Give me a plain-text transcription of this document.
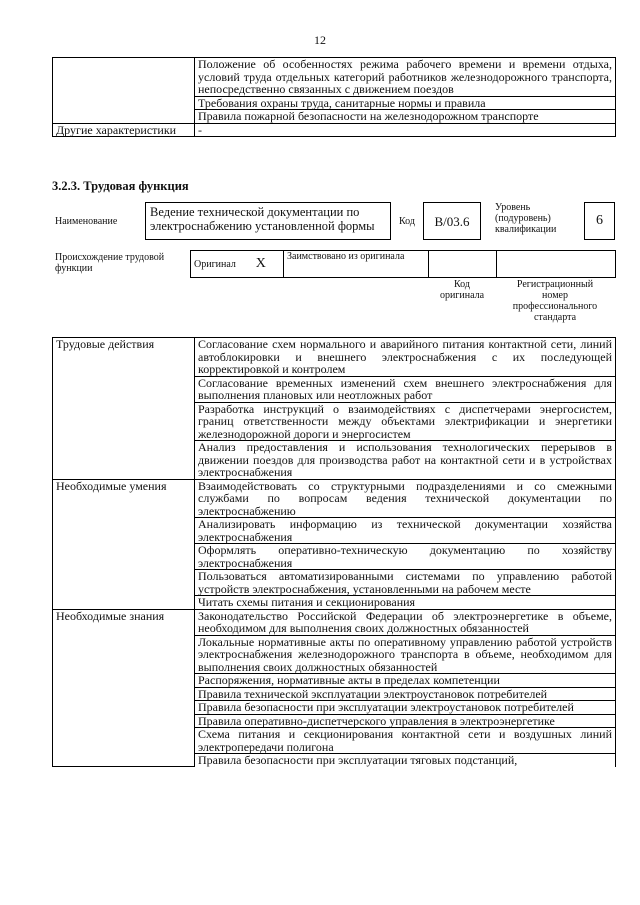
12
	Положение об особенностях режима рабочего времени и времени отдыха, условий труда отдельных категорий работников железнодорожного транспорта, непосредственно связанных с движением поездов
	Требования охраны труда, санитарные нормы и правила
	Правила пожарной безопасности на железнодорожном транспорте
Другие характеристики	-
3.2.3. Трудовая функция
Наименование
Ведение технической документации по электроснабжению установленной формы	Код	B/03.6
Уровень (подуровень) квалификации
6
Происхождение трудовой функции	Оригинал	X	Заимствовано из оригинала		
Код оригинала
Регистрационный номер профессионального стандарта
Трудовые действия	Согласование схем нормального и аварийного питания контактной сети, линий автоблокировки и внешнего электроснабжения с их последующей корректировкой и контролем
	Согласование временных изменений схем внешнего электроснабжения для выполнения плановых или неотложных работ
	Разработка инструкций о взаимодействиях с диспетчерами энергосистем, границ ответственности между объектами электрификации и энергетики железнодорожной дороги и энергосистем
	Анализ предоставления и использования технологических перерывов в движении поездов для производства работ на контактной сети и в устройствах электроснабжения
Необходимые умения	Взаимодействовать со структурными подразделениями и со смежными службами по вопросам ведения технической документации по электроснабжению
	Анализировать информацию из технической документации хозяйства электроснабжения
	Оформлять оперативно-техническую документацию по хозяйству электроснабжения
	Пользоваться автоматизированными системами по управлению работой устройств электроснабжения, установленными на рабочем месте
	Читать схемы питания и секционирования
Необходимые знания	Законодательство Российской Федерации об электроэнергетике в объеме, необходимом для выполнения своих должностных обязанностей
	Локальные нормативные акты по оперативному управлению работой устройств электроснабжения железнодорожного транспорта в объеме, необходимом для выполнения своих должностных обязанностей
	Распоряжения, нормативные акты в пределах компетенции
	Правила технической эксплуатации электроустановок потребителей
	Правила безопасности при эксплуатации электроустановок потребителей
	Правила оперативно-диспетчерского управления в электроэнергетике
	Схема питания и секционирования контактной сети и воздушных линий электропередачи полигона
	Правила безопасности при эксплуатации тяговых подстанций,
